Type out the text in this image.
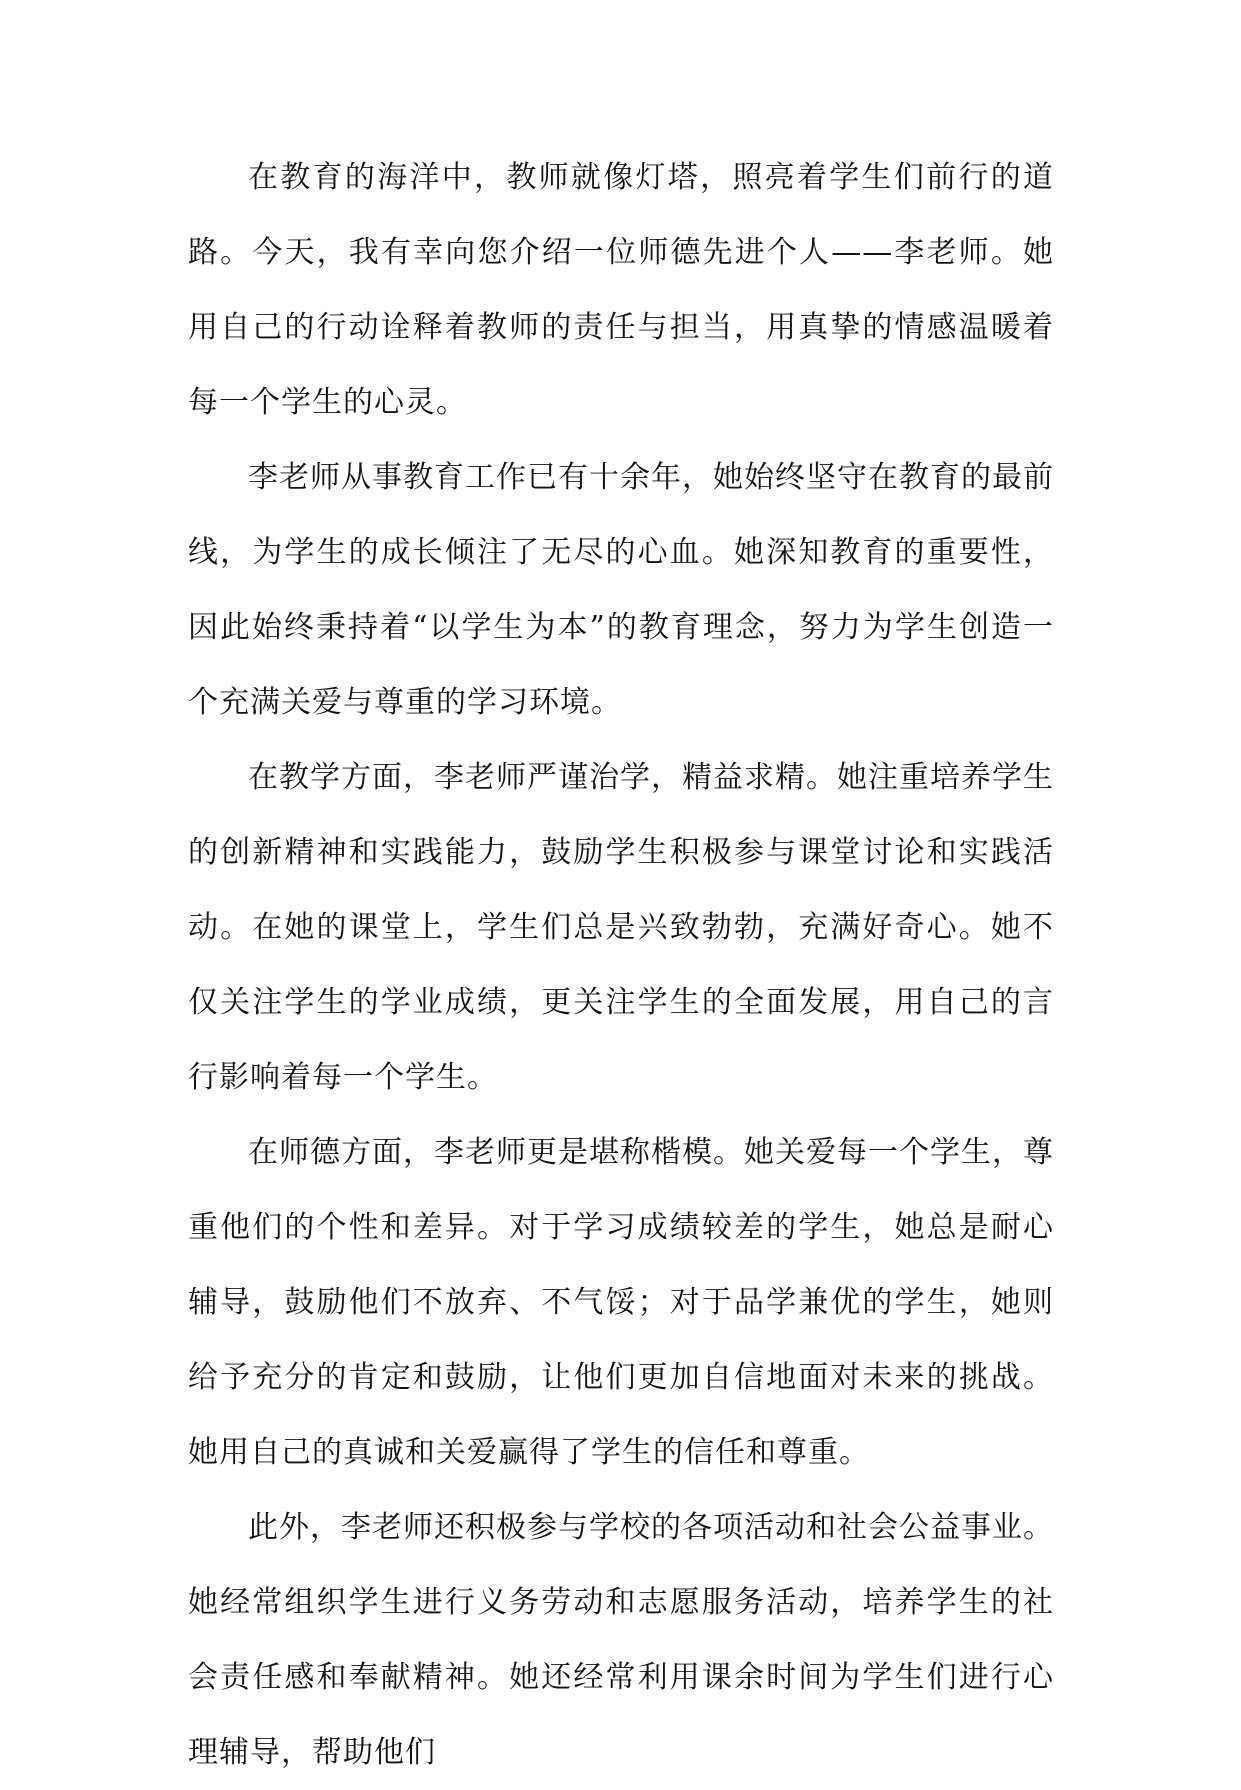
在教育的海洋中，教师就像灯塔，照亮着学生们前行的道路。今天，我有幸向您介绍一位师德先进个人——李老师。她用自己的行动诠释着教师的责任与担当，用真挚的情感温暖着每一个学生的心灵。

李老师从事教育工作已有十余年，她始终坚守在教育的最前线，为学生的成长倾注了无尽的心血。她深知教育的重要性，因此始终秉持着“以学生为本”的教育理念，努力为学生创造一个充满关爱与尊重的学习环境。

在教学方面，李老师严谨治学，精益求精。她注重培养学生的创新精神和实践能力，鼓励学生积极参与课堂讨论和实践活动。在她的课堂上，学生们总是兴致勃勃，充满好奇心。她不仅关注学生的学业成绩，更关注学生的全面发展，用自己的言行影响着每一个学生。

在师德方面，李老师更是堪称楷模。她关爱每一个学生，尊重他们的个性和差异。对于学习成绩较差的学生，她总是耐心辅导，鼓励他们不放弃、不气馁；对于品学兼优的学生，她则给予充分的肯定和鼓励，让他们更加自信地面对未来的挑战。她用自己的真诚和关爱赢得了学生的信任和尊重。

此外，李老师还积极参与学校的各项活动和社会公益事业。她经常组织学生进行义务劳动和志愿服务活动，培养学生的社会责任感和奉献精神。她还经常利用课余时间为学生们进行心理辅导，帮助他们
